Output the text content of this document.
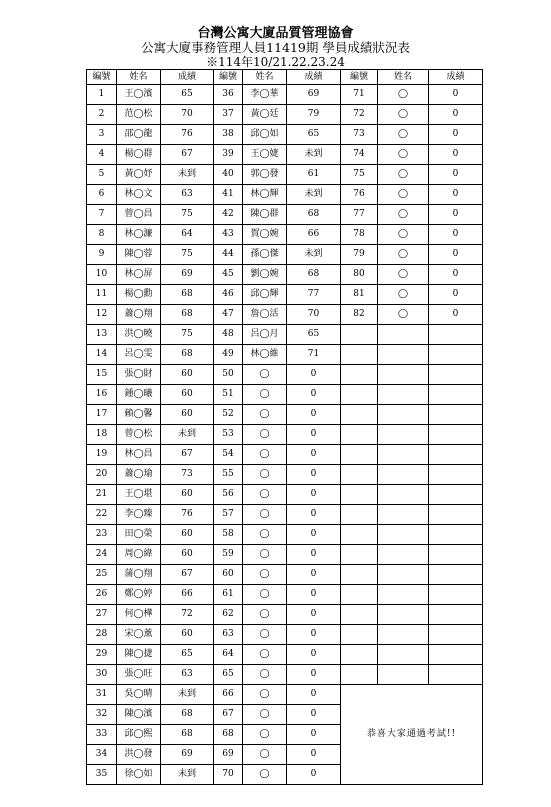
台灣公寓大廈品質管理協會
公寓大廈事務管理人員11419期 學員成績狀況表
※114年10/21.22.23.24
編號	姓名	成績	編號	姓名	成績	編號	姓名	成績
1	王◯濱	65	36	李◯華	69	71	◯	0
2	范◯松	70	37	黃◯廷	79	72	◯	0
3	邵◯龍	76	38	邱◯如	65	73	◯	0
4	楊◯群	67	39	王◯婕	未到	74	◯	0
5	黃◯妤	未到	40	郭◯發	61	75	◯	0
6	林◯文	63	41	林◯輝	未到	76	◯	0
7	曾◯昌	75	42	陳◯群	68	77	◯	0
8	林◯濂	64	43	賀◯婉	66	78	◯	0
9	陳◯蓉	75	44	孫◯傑	未到	79	◯	0
10	林◯屏	69	45	劉◯婉	68	80	◯	0
11	楊◯勳	68	46	邱◯輝	77	81	◯	0
12	蕭◯翔	68	47	詹◯活	70	82	◯	0
13	洪◯曉	75	48	呂◯月	65			
14	呂◯雯	68	49	林◯維	71			
15	張◯財	60	50	◯	0			
16	鍾◯曦	60	51	◯	0			
17	賴◯馨	60	52	◯	0			
18	曾◯松	未到	53	◯	0			
19	林◯昌	67	54	◯	0			
20	蕭◯瑜	73	55	◯	0			
21	王◯堪	60	56	◯	0			
22	李◯臻	76	57	◯	0			
23	田◯榮	60	58	◯	0			
24	周◯緯	60	59	◯	0			
25	蒲◯翔	67	60	◯	0			
26	鄭◯婷	66	61	◯	0			
27	何◯樺	72	62	◯	0			
28	宋◯薰	60	63	◯	0			
29	陳◯捷	65	64	◯	0			
30	張◯旺	63	65	◯	0			
31	吳◯晴	未到	66	◯	0	恭喜大家通過考試!!		
32	陳◯濱	68	67	◯	0			
33	邱◯熙	68	68	◯	0			
34	洪◯發	69	69	◯	0			
35	徐◯如	未到	70	◯	0			
